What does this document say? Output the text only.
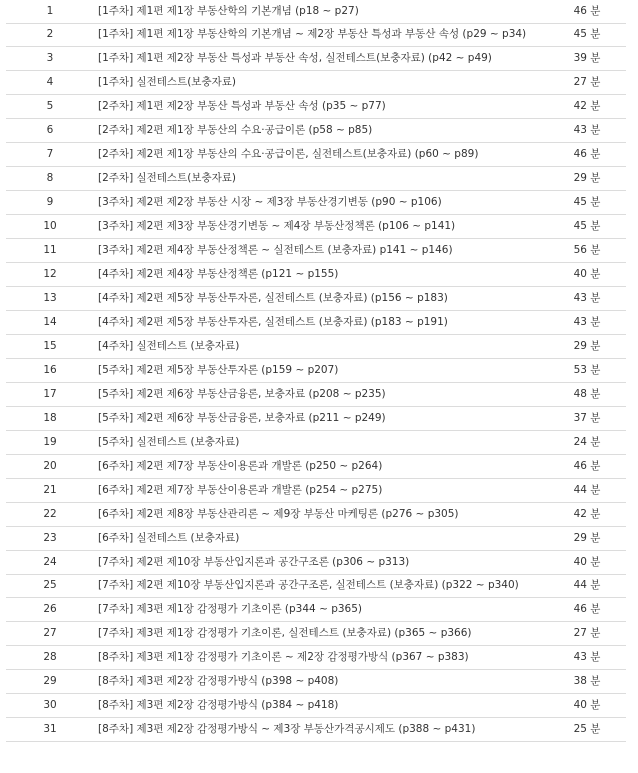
1	[1주차] 제1편 제1장 부동산학의 기본개념 (p18 ~ p27)	46 분
2	[1주차] 제1편 제1장 부동산학의 기본개념 ~ 제2장 부동산 특성과 부동산 속성 (p29 ~ p34)	45 분
3	[1주차] 제1편 제2장 부동산 특성과 부동산 속성, 실전테스트(보충자료) (p42 ~ p49)	39 분
4	[1주차] 실전테스트(보충자료)	27 분
5	[2주차] 제1편 제2장 부동산 특성과 부동산 속성 (p35 ~ p77)	42 분
6	[2주차] 제2편 제1장 부동산의 수요·공급이론 (p58 ~ p85)	43 분
7	[2주차] 제2편 제1장 부동산의 수요·공급이론, 실전테스트(보충자료) (p60 ~ p89)	46 분
8	[2주차] 실전테스트(보충자료)	29 분
9	[3주차] 제2편 제2장 부동산 시장 ~ 제3장 부동산경기변동 (p90 ~ p106)	45 분
10	[3주차] 제2편 제3장 부동산경기변동 ~ 제4장 부동산정책론 (p106 ~ p141)	45 분
11	[3주차] 제2편 제4장 부동산정책론 ~ 실전테스트 (보충자료) p141 ~ p146)	56 분
12	[4주차] 제2편 제4장 부동산정책론 (p121 ~ p155)	40 분
13	[4주차] 제2편 제5장 부동산투자론, 실전테스트 (보충자료) (p156 ~ p183)	43 분
14	[4주차] 제2편 제5장 부동산투자론, 실전테스트 (보충자료) (p183 ~ p191)	43 분
15	[4주차] 실전테스트 (보충자료)	29 분
16	[5주차] 제2편 제5장 부동산투자론 (p159 ~ p207)	53 분
17	[5주차] 제2편 제6장 부동산금융론, 보충자료 (p208 ~ p235)	48 분
18	[5주차] 제2편 제6장 부동산금융론, 보충자료 (p211 ~ p249)	37 분
19	[5주차] 실전테스트 (보충자료)	24 분
20	[6주차] 제2편 제7장 부동산이용론과 개발론 (p250 ~ p264)	46 분
21	[6주차] 제2편 제7장 부동산이용론과 개발론 (p254 ~ p275)	44 분
22	[6주차] 제2편 제8장 부동산관리론 ~ 제9장 부동산 마케팅론 (p276 ~ p305)	42 분
23	[6주차] 실전테스트 (보충자료)	29 분
24	[7주차] 제2편 제10장 부동산입지론과 공간구조론 (p306 ~ p313)	40 분
25	[7주차] 제2편 제10장 부동산입지론과 공간구조론, 실전테스트 (보충자료) (p322 ~ p340)	44 분
26	[7주차] 제3편 제1장 감정평가 기초이론 (p344 ~ p365)	46 분
27	[7주차] 제3편 제1장 감정평가 기초이론, 실전테스트 (보충자료) (p365 ~ p366)	27 분
28	[8주차] 제3편 제1장 감정평가 기초이론 ~ 제2장 감정평가방식 (p367 ~ p383)	43 분
29	[8주차] 제3편 제2장 감정평가방식 (p398 ~ p408)	38 분
30	[8주차] 제3편 제2장 감정평가방식 (p384 ~ p418)	40 분
31	[8주차] 제3편 제2장 감정평가방식 ~ 제3장 부동산가격공시제도 (p388 ~ p431)	25 분
